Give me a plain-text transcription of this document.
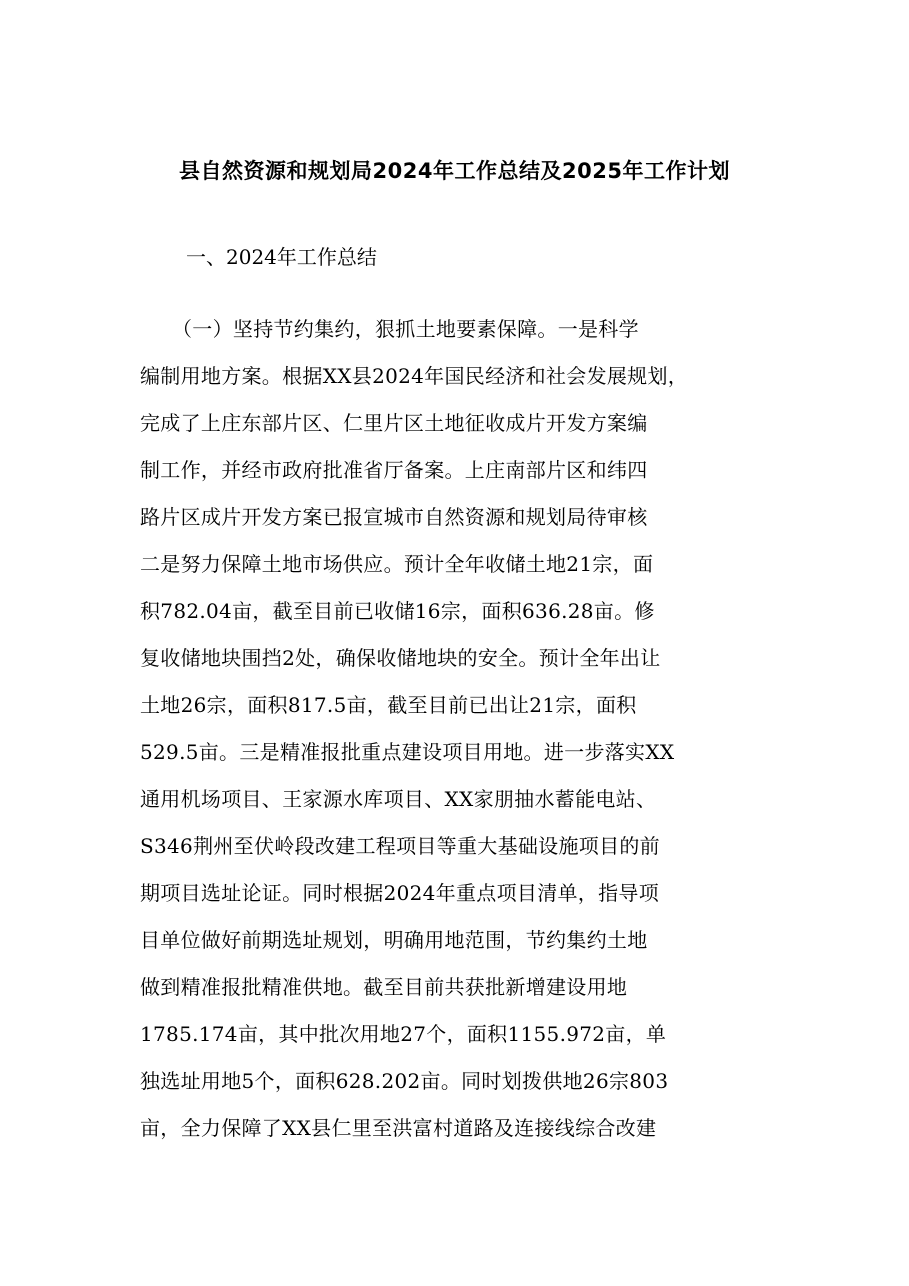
县自然资源和规划局2024年工作总结及2025年工作计划
一、2024年工作总结
（一）坚持节约集约，狠抓土地要素保障。一是科学
编制用地方案。根据XX县2024年国民经济和社会发展规划，
完成了上庄东部片区、仁里片区土地征收成片开发方案编
制工作，并经市政府批准省厅备案。上庄南部片区和纬四
路片区成片开发方案已报宣城市自然资源和规划局待审核
二是努力保障土地市场供应。预计全年收储土地21宗，面
积782.04亩，截至目前已收储16宗，面积636.28亩。修
复收储地块围挡2处，确保收储地块的安全。预计全年出让
土地26宗，面积817.5亩，截至目前已出让21宗，面积
529.5亩。三是精准报批重点建设项目用地。进一步落实XX
通用机场项目、王家源水库项目、XX家朋抽水蓄能电站、
S346荆州至伏岭段改建工程项目等重大基础设施项目的前
期项目选址论证。同时根据2024年重点项目清单，指导项
目单位做好前期选址规划，明确用地范围，节约集约土地
做到精准报批精准供地。截至目前共获批新增建设用地
1785.174亩，其中批次用地27个，面积1155.972亩，单
独选址用地5个，面积628.202亩。同时划拨供地26宗803
亩，全力保障了XX县仁里至洪富村道路及连接线综合改建
